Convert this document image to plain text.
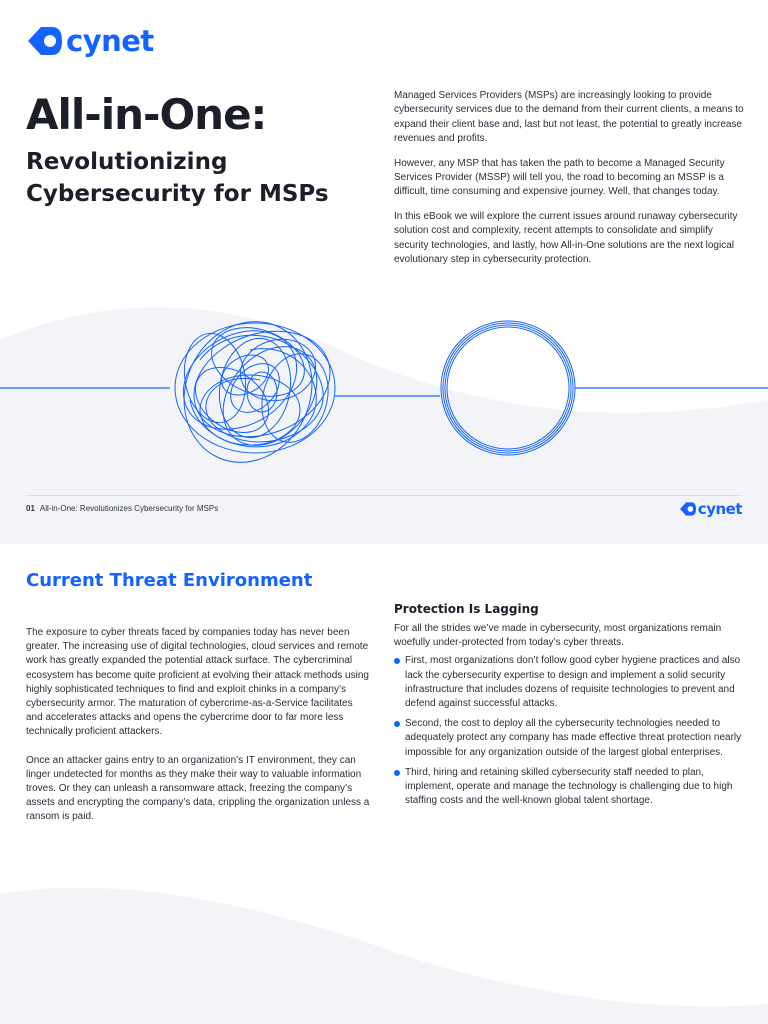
cynet
All-in-One:
Revolutionizing Cybersecurity for MSPs

Managed Services Providers (MSPs) are increasingly looking to provide cybersecurity services due to the demand from their current clients, a means to expand their client base and, last but not least, the potential to greatly increase revenues and profits.

However, any MSP that has taken the path to become a Managed Security Services Provider (MSSP) will tell you, the road to becoming an MSSP is a difficult, time consuming and expensive journey. Well, that changes today.

In this eBook we will explore the current issues around runaway cybersecurity solution cost and complexity, recent attempts to consolidate and simplify security technologies, and lastly, how All-in-One solutions are the next logical evolutionary step in cybersecurity protection.

01 All-in-One: Revolutionizes Cybersecurity for MSPs	cynet
Current Threat Environment

The exposure to cyber threats faced by companies today has never been greater. The increasing use of digital technologies, cloud services and remote work has greatly expanded the potential attack surface. The cybercriminal ecosystem has become quite proficient at evolving their attack methods using highly sophisticated techniques to find and exploit chinks in a company’s cybersecurity armor. The maturation of cybercrime-as-a-Service facilitates and accelerates attacks and opens the cybercrime door to far more less technically proficient attackers.

Once an attacker gains entry to an organization’s IT environment, they can linger undetected for months as they make their way to valuable information troves. Or they can unleash a ransomware attack, freezing the company’s assets and encrypting the company’s data, crippling the organization unless a ransom is paid.

Protection Is Lagging

For all the strides we’ve made in cybersecurity, most organizations remain woefully under-protected from today’s cyber threats.

First, most organizations don’t follow good cyber hygiene practices and also lack the cybersecurity expertise to design and implement a solid security infrastructure that includes dozens of requisite technologies to prevent and defend against successful attacks.
Second, the cost to deploy all the cybersecurity technologies needed to adequately protect any company has made effective threat protection nearly impossible for any organization outside of the largest global enterprises.
Third, hiring and retaining skilled cybersecurity staff needed to plan, implement, operate and manage the technology is challenging due to high staffing costs and the well-known global talent shortage.
